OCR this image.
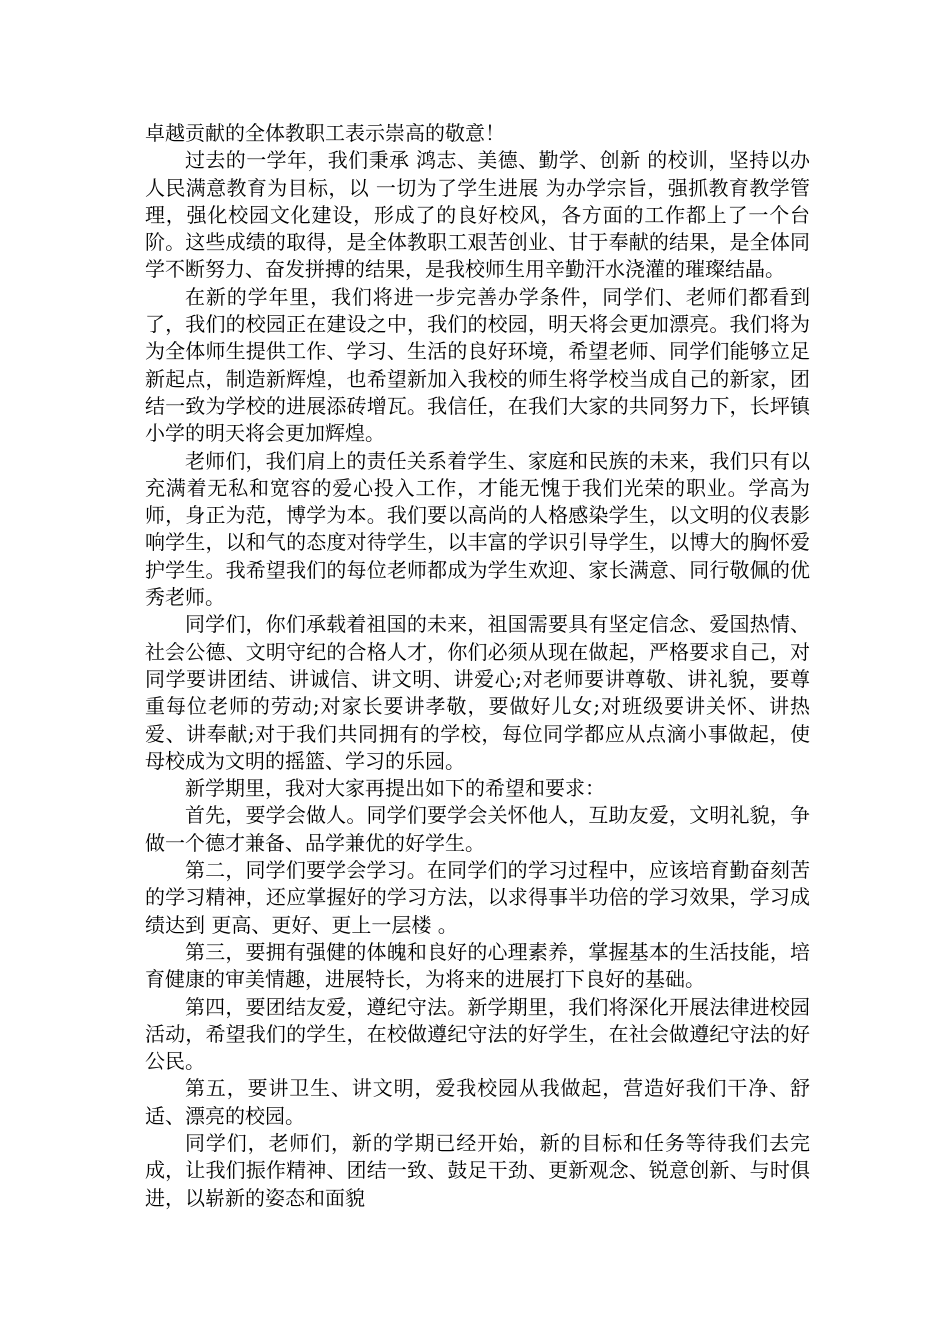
卓越贡献的全体教职工表示崇高的敬意！

过去的一学年，我们秉承 鸿志、美德、勤学、创新 的校训，坚持以办人民满意教育为目标，以 一切为了学生进展 为办学宗旨，强抓教育教学管理，强化校园文化建设，形成了的良好校风，各方面的工作都上了一个台阶。这些成绩的取得，是全体教职工艰苦创业、甘于奉献的结果，是全体同学不断努力、奋发拼搏的结果，是我校师生用辛勤汗水浇灌的璀璨结晶。

在新的学年里，我们将进一步完善办学条件，同学们、老师们都看到了，我们的校园正在建设之中，我们的校园，明天将会更加漂亮。我们将为为全体师生提供工作、学习、生活的良好环境，希望老师、同学们能够立足新起点，制造新辉煌，也希望新加入我校的师生将学校当成自己的新家，团结一致为学校的进展添砖增瓦。我信任，在我们大家的共同努力下，长坪镇小学的明天将会更加辉煌。

老师们，我们肩上的责任关系着学生、家庭和民族的未来，我们只有以充满着无私和宽容的爱心投入工作，才能无愧于我们光荣的职业。学高为师，身正为范，博学为本。我们要以高尚的人格感染学生，以文明的仪表影响学生，以和气的态度对待学生，以丰富的学识引导学生，以博大的胸怀爱护学生。我希望我们的每位老师都成为学生欢迎、家长满意、同行敬佩的优秀老师。

同学们，你们承载着祖国的未来，祖国需要具有坚定信念、爱国热情、社会公德、文明守纪的合格人才，你们必须从现在做起，严格要求自己，对同学要讲团结、讲诚信、讲文明、讲爱心;对老师要讲尊敬、讲礼貌，要尊重每位老师的劳动;对家长要讲孝敬，要做好儿女;对班级要讲关怀、讲热爱、讲奉献;对于我们共同拥有的学校，每位同学都应从点滴小事做起，使母校成为文明的摇篮、学习的乐园。

新学期里，我对大家再提出如下的希望和要求：

首先，要学会做人。同学们要学会关怀他人，互助友爱，文明礼貌，争做一个德才兼备、品学兼优的好学生。

第二，同学们要学会学习。在同学们的学习过程中，应该培育勤奋刻苦的学习精神，还应掌握好的学习方法，以求得事半功倍的学习效果，学习成绩达到 更高、更好、更上一层楼 。

第三，要拥有强健的体魄和良好的心理素养，掌握基本的生活技能，培育健康的审美情趣，进展特长，为将来的进展打下良好的基础。

第四，要团结友爱，遵纪守法。新学期里，我们将深化开展法律进校园活动，希望我们的学生，在校做遵纪守法的好学生，在社会做遵纪守法的好公民。

第五，要讲卫生、讲文明，爱我校园从我做起，营造好我们干净、舒适、漂亮的校园。

同学们，老师们，新的学期已经开始，新的目标和任务等待我们去完成，让我们振作精神、团结一致、鼓足干劲、更新观念、锐意创新、与时俱进，以崭新的姿态和面貌
